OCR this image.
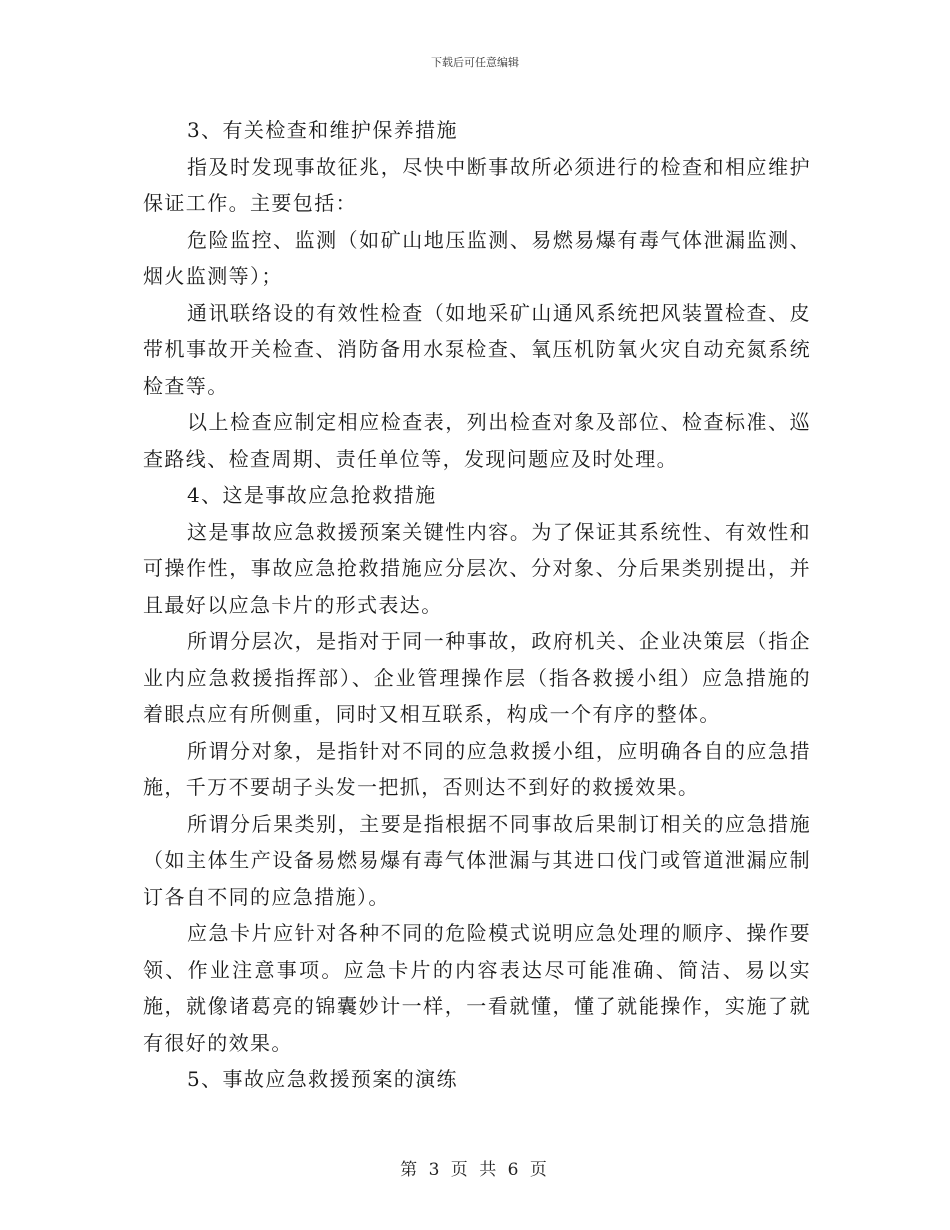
下载后可任意编辑

3、有关检查和维护保养措施

指及时发现事故征兆，尽快中断事故所必须进行的检查和相应维护保证工作。主要包括：

危险监控、监测（如矿山地压监测、易燃易爆有毒气体泄漏监测、烟火监测等）；

通讯联络设的有效性检查（如地采矿山通风系统把风装置检查、皮带机事故开关检查、消防备用水泵检查、氧压机防氧火灾自动充氮系统检查等。

以上检查应制定相应检查表，列出检查对象及部位、检查标准、巡查路线、检查周期、责任单位等，发现问题应及时处理。

4、这是事故应急抢救措施

这是事故应急救援预案关键性内容。为了保证其系统性、有效性和可操作性，事故应急抢救措施应分层次、分对象、分后果类别提出，并且最好以应急卡片的形式表达。

所谓分层次，是指对于同一种事故，政府机关、企业决策层（指企业内应急救援指挥部）、企业管理操作层（指各救援小组）应急措施的着眼点应有所侧重，同时又相互联系，构成一个有序的整体。

所谓分对象，是指针对不同的应急救援小组，应明确各自的应急措施，千万不要胡子头发一把抓，否则达不到好的救援效果。

所谓分后果类别，主要是指根据不同事故后果制订相关的应急措施（如主体生产设备易燃易爆有毒气体泄漏与其进口伐门或管道泄漏应制订各自不同的应急措施）。

应急卡片应针对各种不同的危险模式说明应急处理的顺序、操作要领、作业注意事项。应急卡片的内容表达尽可能准确、简洁、易以实施，就像诸葛亮的锦囊妙计一样，一看就懂，懂了就能操作，实施了就有很好的效果。

5、事故应急救援预案的演练

第 3 页 共 6 页
